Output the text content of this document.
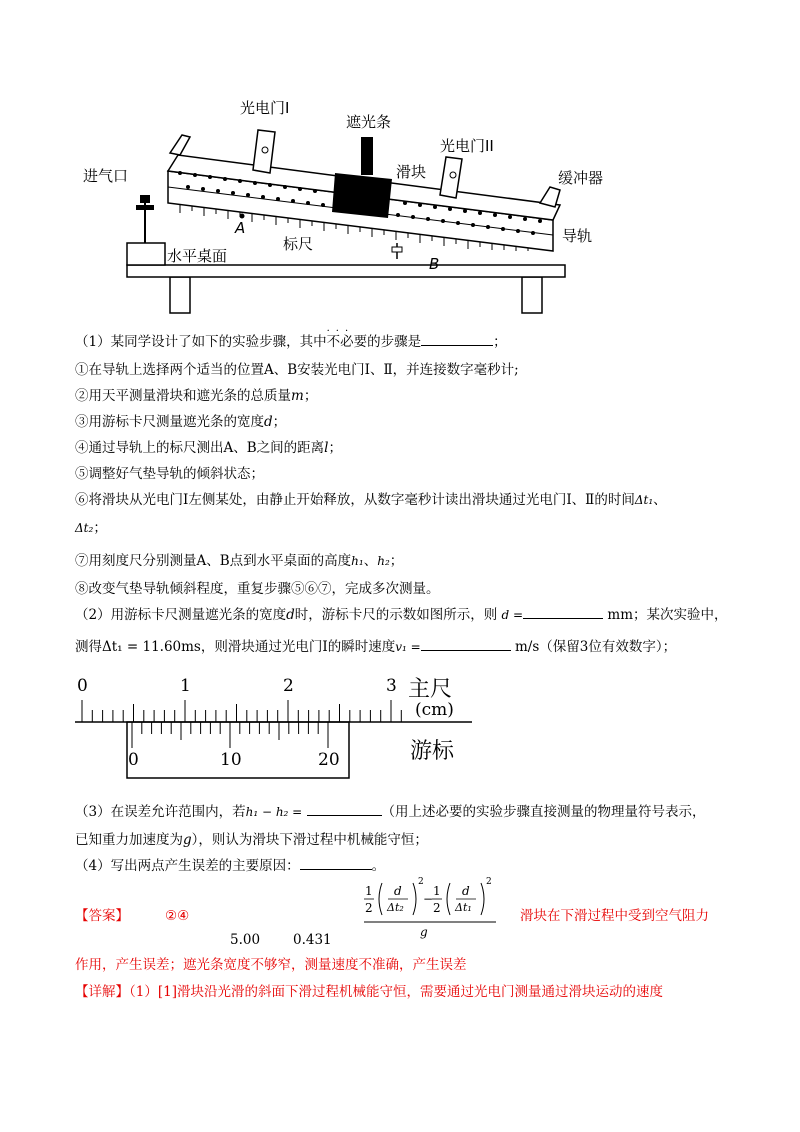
光电门I
遮光条
光电门II
进气口	滑块	缓冲器
A
B
水平桌面
标尺	导轨
（1）某同学设计了如下的实验步骤，其中
···
不必要的步骤是	；
①在导轨上选择两个适当的位置A、B安装光电门Ⅰ、Ⅱ，并连接数字毫秒计;
②用天平测量滑块和遮光条的总质量m；
③用游标卡尺测量遮光条的宽度d；
④通过导轨上的标尺测出A、B之间的距离l；
⑤调整好气垫导轨的倾斜状态；
⑥将滑块从光电门Ⅰ左侧某处，由静止开始释放，从数字毫秒计读出滑块通过光电门Ⅰ、Ⅱ的时间Δt₁、
Δt₂；
⑦用刻度尺分别测量A、B点到水平桌面的高度h₁、h₂；
⑧改变气垫导轨倾斜程度，重复步骤⑤⑥⑦，完成多次测量。
（2）用游标卡尺测量遮光条的宽度d时，游标卡尺的示数如图所示，则 d =	mm；某次实验中，
测得Δt₁ = 11.60ms，则滑块通过光电门Ⅰ的瞬时速度v₁ =	m/s（保留3位有效数字）；
0	1	2	3 主尺
(cm)
0	10	20	游标
（3）在误差允许范围内，若h₁ − h₂ =	（用上述必要的实验步骤直接测量的物理量符号表示，
已知重力加速度为g），则认为滑块下滑过程中机械能守恒；
（4）写出两点产生误差的主要原因：	。
【答案】	②④
5.00 0.431
1
2
d
Δt₂
2
−
1
2
d
Δt₁
2
g
滑块在下滑过程中受到空气阻力
作用，产生误差；遮光条宽度不够窄，测量速度不准确，产生误差
【详解】（1）[1]滑块沿光滑的斜面下滑过程机械能守恒，需要通过光电门测量通过滑块运动的速度
